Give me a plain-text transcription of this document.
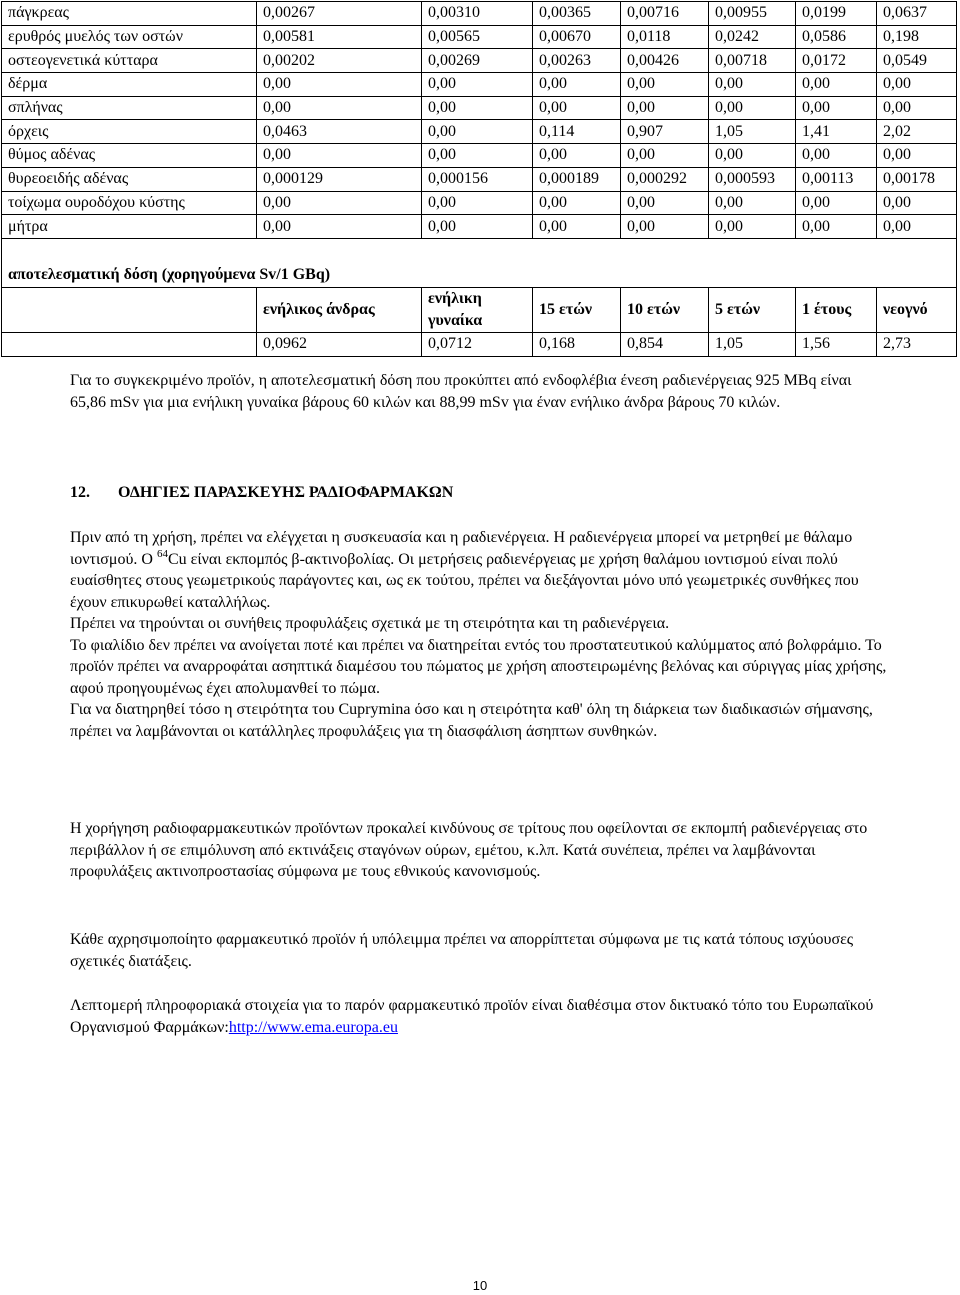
πάγκρεας	0,00267	0,00310	0,00365	0,00716	0,00955	0,0199	0,0637
ερυθρός μυελός των οστών	0,00581	0,00565	0,00670	0,0118	0,0242	0,0586	0,198
οστεογενετικά κύτταρα	0,00202	0,00269	0,00263	0,00426	0,00718	0,0172	0,0549
δέρμα	0,00	0,00	0,00	0,00	0,00	0,00	0,00
σπλήνας	0,00	0,00	0,00	0,00	0,00	0,00	0,00
όρχεις	0,0463	0,00	0,114	0,907	1,05	1,41	2,02
θύμος αδένας	0,00	0,00	0,00	0,00	0,00	0,00	0,00
θυρεοειδής αδένας	0,000129	0,000156	0,000189	0,000292	0,000593	0,00113	0,00178
τοίχωμα ουροδόχου κύστης	0,00	0,00	0,00	0,00	0,00	0,00	0,00
μήτρα	0,00	0,00	0,00	0,00	0,00	0,00	0,00

αποτελεσματική δόση (χορηγούμενα Sv/1 GBq)							
	ενήλικος άνδρας	ενήλικη
γυναίκα	15 ετών	10 ετών	5 ετών	1 έτους	νεογνό
	0,0962	0,0712	0,168	0,854	1,05	1,56	2,73

Για το συγκεκριμένο προϊόν, η αποτελεσματική δόση που προκύπτει από ενδοφλέβια ένεση ραδιενέργειας 925 MBq είναι 65,86 mSv για μια ενήλικη γυναίκα βάρους 60 κιλών και 88,99 mSv για έναν ενήλικο άνδρα βάρους 70 κιλών.

12. ΟΔΗΓΙΕΣ ΠΑΡΑΣΚΕΥΗΣ ΡΑΔΙΟΦΑΡΜΑΚΩΝ

Πριν από τη χρήση, πρέπει να ελέγχεται η συσκευασία και η ραδιενέργεια. Η ραδιενέργεια μπορεί να μετρηθεί με θάλαμο ιοντισμού. Ο $^{64}$Cu είναι εκπομπός β-ακτινοβολίας. Οι μετρήσεις ραδιενέργειας με χρήση θαλάμου ιοντισμού είναι πολύ ευαίσθητες στους γεωμετρικούς παράγοντες και, ως εκ τούτου, πρέπει να διεξάγονται μόνο υπό γεωμετρικές συνθήκες που έχουν επικυρωθεί καταλλήλως.

Πρέπει να τηρούνται οι συνήθεις προφυλάξεις σχετικά με τη στειρότητα και τη ραδιενέργεια.

Το φιαλίδιο δεν πρέπει να ανοίγεται ποτέ και πρέπει να διατηρείται εντός του προστατευτικού καλύμματος από βολφράμιο. Το προϊόν πρέπει να αναρροφάται ασηπτικά διαμέσου του πώματος με χρήση αποστειρωμένης βελόνας και σύριγγας μίας χρήσης, αφού προηγουμένως έχει απολυμανθεί το πώμα.

Για να διατηρηθεί τόσο η στειρότητα του Cuprymina όσο και η στειρότητα καθ' όλη τη διάρκεια των διαδικασιών σήμανσης, πρέπει να λαμβάνονται οι κατάλληλες προφυλάξεις για τη διασφάλιση άσηπτων συνθηκών.

Η χορήγηση ραδιοφαρμακευτικών προϊόντων προκαλεί κινδύνους σε τρίτους που οφείλονται σε εκπομπή ραδιενέργειας στο περιβάλλον ή σε επιμόλυνση από εκτινάξεις σταγόνων ούρων, εμέτου, κ.λπ. Κατά συνέπεια, πρέπει να λαμβάνονται προφυλάξεις ακτινοπροστασίας σύμφωνα με τους εθνικούς κανονισμούς.

Κάθε αχρησιμοποίητο φαρμακευτικό προϊόν ή υπόλειμμα πρέπει να απορρίπτεται σύμφωνα με τις κατά τόπους ισχύουσες σχετικές διατάξεις.

Λεπτομερή πληροφοριακά στοιχεία για το παρόν φαρμακευτικό προϊόν είναι διαθέσιμα στον δικτυακό τόπο του Ευρωπαϊκού Οργανισμού Φαρμάκων:http://www.ema.europa.eu

10
